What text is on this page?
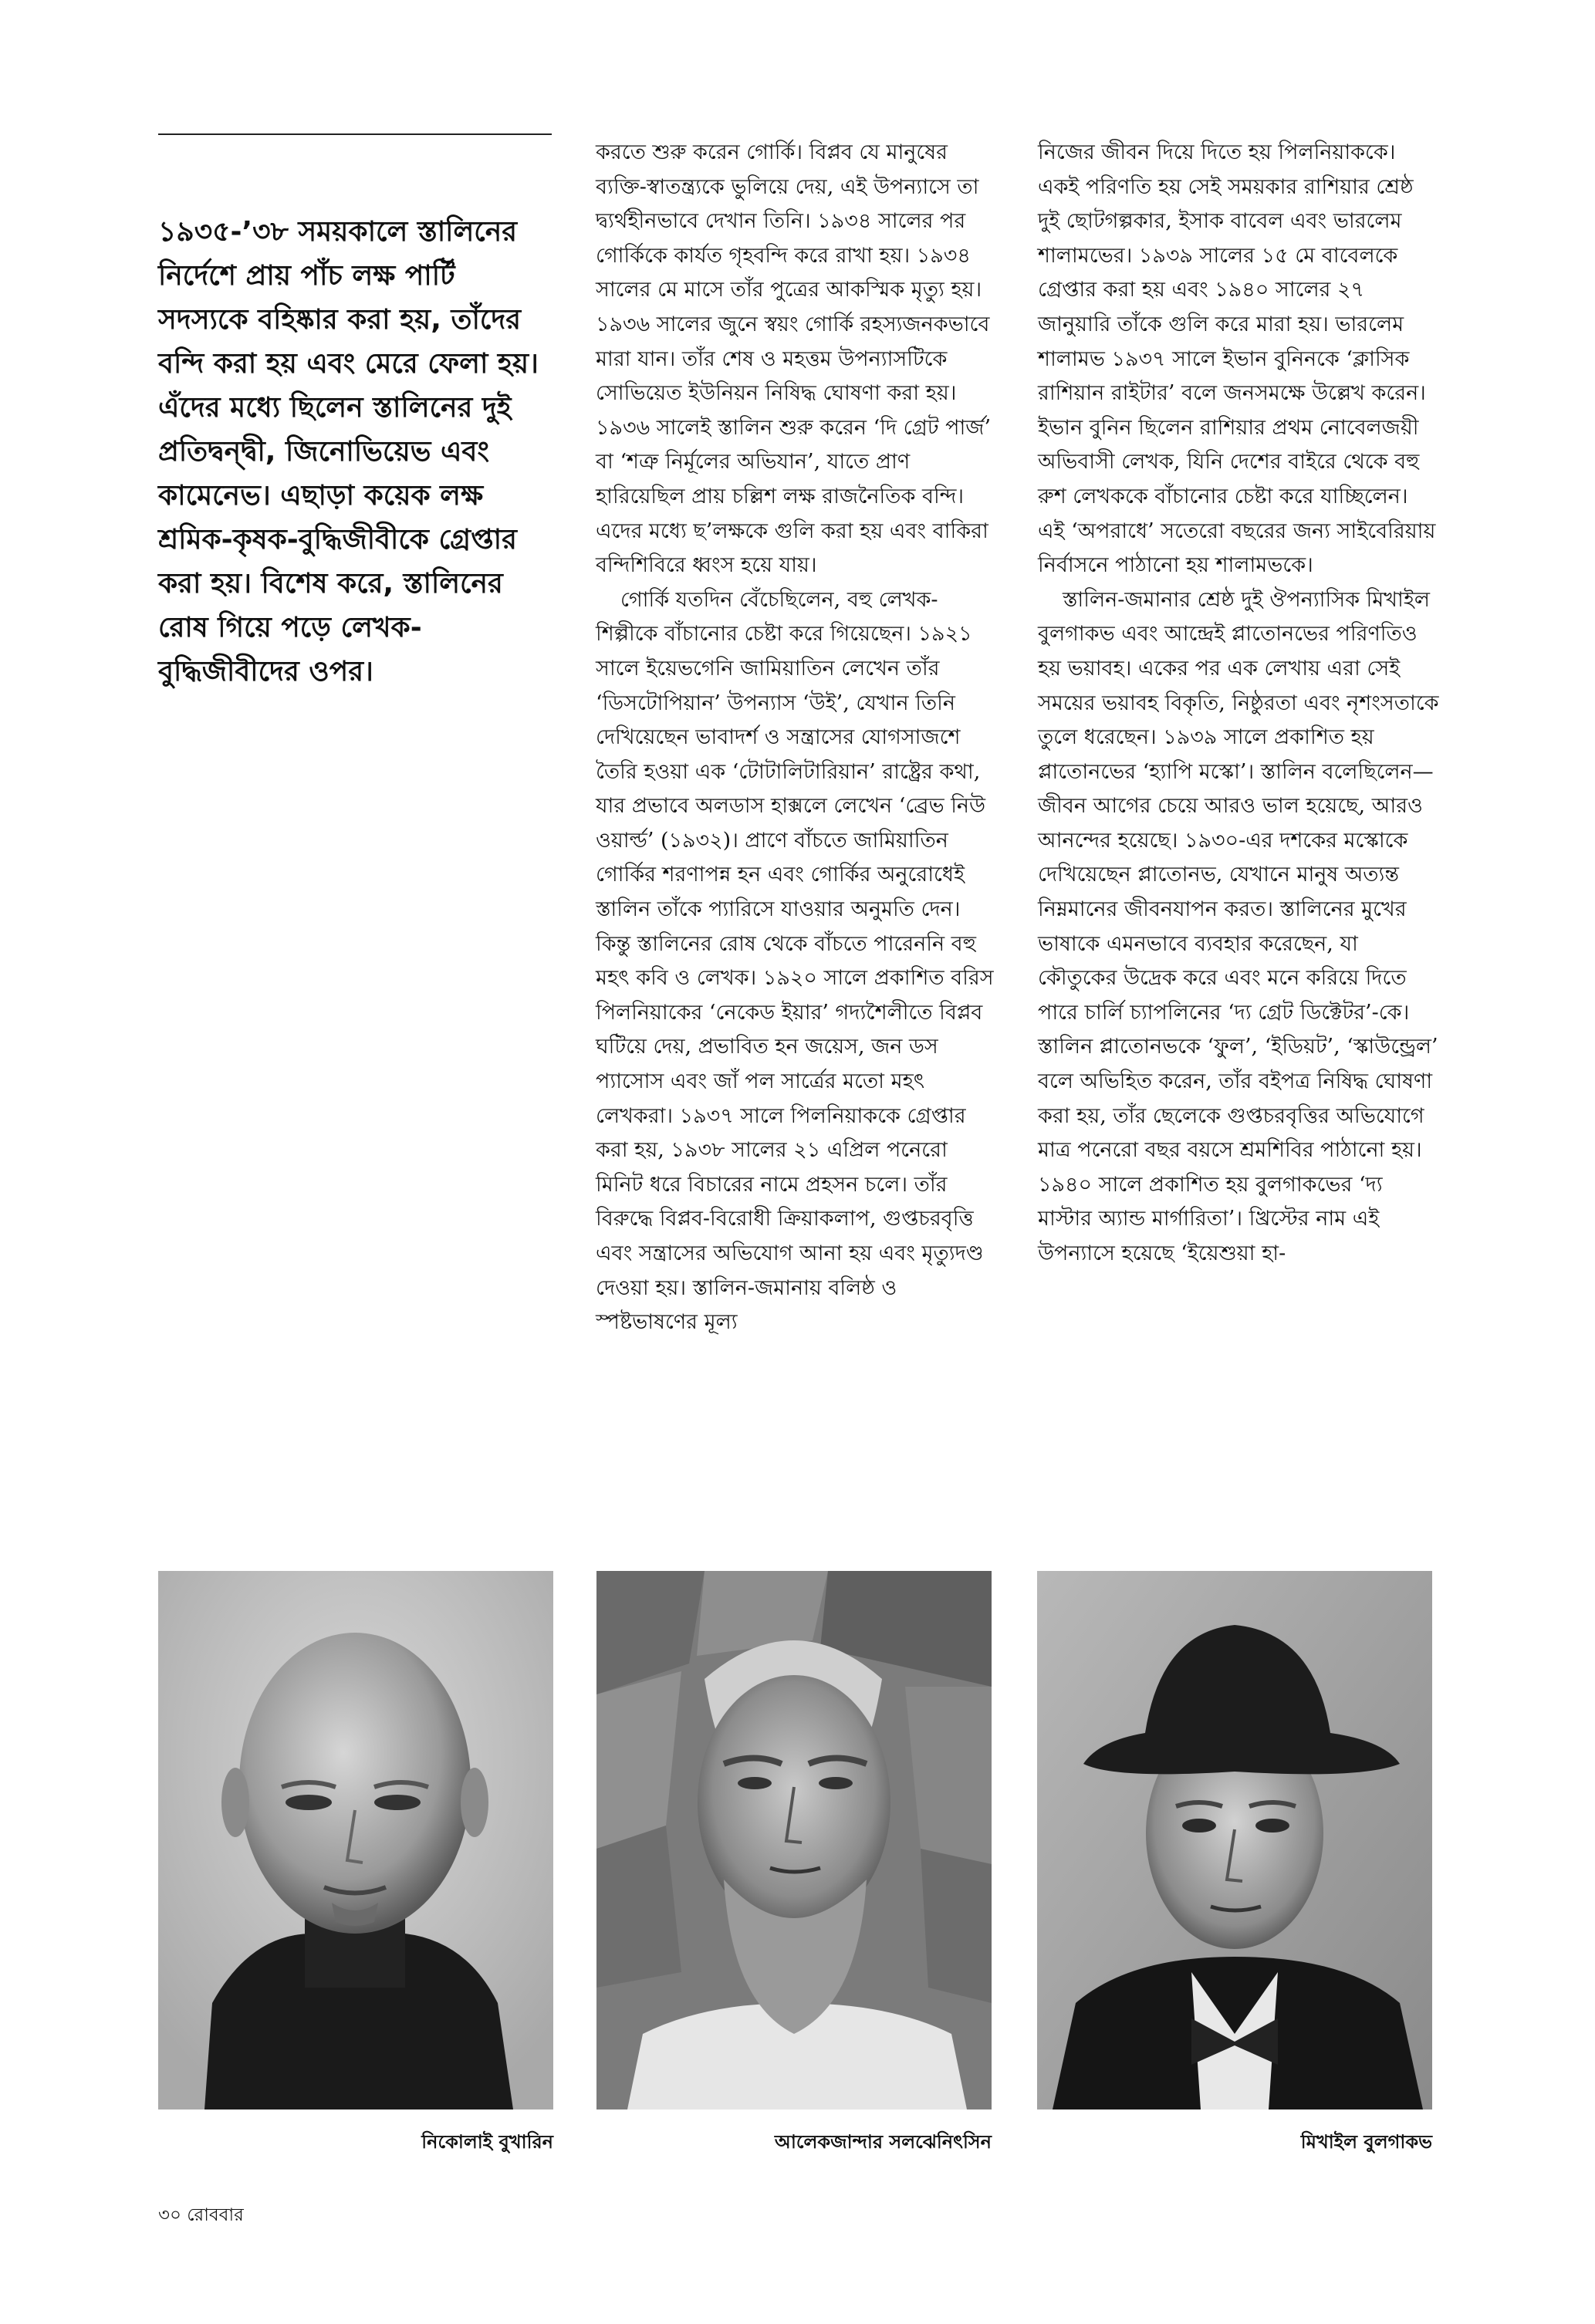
১৯৩৫-’৩৮ সময়কালে স্তালিনের নির্দেশে প্রায় পাঁচ লক্ষ পার্টি সদস্যকে বহিষ্কার করা হয়, তাঁদের বন্দি করা হয় এবং মেরে ফেলা হয়। এঁদের মধ্যে ছিলেন স্তালিনের দুই প্রতিদ্বন্দ্বী, জিনোভিয়েভ এবং কামেনেভ। এছাড়া কয়েক লক্ষ শ্রমিক-কৃষক-বুদ্ধিজীবীকে গ্রেপ্তার করা হয়। বিশেষ করে, স্তালিনের রোষ গিয়ে পড়ে লেখক-বুদ্ধিজীবীদের ওপর।

করতে শুরু করেন গোর্কি। বিপ্লব যে মানুষের ব্যক্তি-স্বাতন্ত্র্যকে ভুলিয়ে দেয়, এই উপন্যাসে তা দ্ব্যর্থহীনভাবে দেখান তিনি। ১৯৩৪ সালের পর গোর্কিকে কার্যত গৃহবন্দি করে রাখা হয়। ১৯৩৪ সালের মে মাসে তাঁর পুত্রের আকস্মিক মৃত্যু হয়। ১৯৩৬ সালের জুনে স্বয়ং গোর্কি রহস্যজনকভাবে মারা যান। তাঁর শেষ ও মহত্তম উপন্যাসটিকে সোভিয়েত ইউনিয়ন নিষিদ্ধ ঘোষণা করা হয়। ১৯৩৬ সালেই স্তালিন শুরু করেন ‘দি গ্রেট পার্জ’ বা ‘শত্রু নির্মূলের অভিযান’, যাতে প্রাণ হারিয়েছিল প্রায় চল্লিশ লক্ষ রাজনৈতিক বন্দি। এদের মধ্যে ছ’লক্ষকে গুলি করা হয় এবং বাকিরা বন্দিশিবিরে ধ্বংস হয়ে যায়।

গোর্কি যতদিন বেঁচেছিলেন, বহু লেখক-শিল্পীকে বাঁচানোর চেষ্টা করে গিয়েছেন। ১৯২১ সালে ইয়েভগেনি জামিয়াতিন লেখেন তাঁর ‘ডিসটোপিয়ান’ উপন্যাস ‘উই’, যেখান তিনি দেখিয়েছেন ভাবাদর্শ ও সন্ত্রাসের যোগসাজশে তৈরি হওয়া এক ‘টোটালিটারিয়ান’ রাষ্ট্রের কথা, যার প্রভাবে অলডাস হাক্সলে লেখেন ‘ব্রেভ নিউ ওয়ার্ল্ড’ (১৯৩২)। প্রাণে বাঁচতে জামিয়াতিন গোর্কির শরণাপন্ন হন এবং গোর্কির অনুরোধেই স্তালিন তাঁকে প্যারিসে যাওয়ার অনুমতি দেন। কিন্তু স্তালিনের রোষ থেকে বাঁচতে পারেননি বহু মহৎ কবি ও লেখক। ১৯২০ সালে প্রকাশিত বরিস পিলনিয়াকের ‘নেকেড ইয়ার’ গদ্যশৈলীতে বিপ্লব ঘটিয়ে দেয়, প্রভাবিত হন জয়েস, জন ডস প্যাসোস এবং জাঁ পল সার্ত্রের মতো মহৎ লেখকরা। ১৯৩৭ সালে পিলনিয়াককে গ্রেপ্তার করা হয়, ১৯৩৮ সালের ২১ এপ্রিল পনেরো মিনিট ধরে বিচারের নামে প্রহসন চলে। তাঁর বিরুদ্ধে বিপ্লব-বিরোধী ক্রিয়াকলাপ, গুপ্তচরবৃত্তি এবং সন্ত্রাসের অভিযোগ আনা হয় এবং মৃত্যুদণ্ড দেওয়া হয়। স্তালিন-জমানায় বলিষ্ঠ ও স্পষ্টভাষণের মূল্য

নিজের জীবন দিয়ে দিতে হয় পিলনিয়াককে। একই পরিণতি হয় সেই সময়কার রাশিয়ার শ্রেষ্ঠ দুই ছোটগল্পকার, ইসাক বাবেল এবং ভারলেম শালামভের। ১৯৩৯ সালের ১৫ মে বাবেলকে গ্রেপ্তার করা হয় এবং ১৯৪০ সালের ২৭ জানুয়ারি তাঁকে গুলি করে মারা হয়। ভারলেম শালামভ ১৯৩৭ সালে ইভান বুনিনকে ‘ক্লাসিক রাশিয়ান রাইটার’ বলে জনসমক্ষে উল্লেখ করেন। ইভান বুনিন ছিলেন রাশিয়ার প্রথম নোবেলজয়ী অভিবাসী লেখক, যিনি দেশের বাইরে থেকে বহু রুশ লেখককে বাঁচানোর চেষ্টা করে যাচ্ছিলেন। এই ‘অপরাধে’ সতেরো বছরের জন্য সাইবেরিয়ায় নির্বাসনে পাঠানো হয় শালামভকে।

স্তালিন-জমানার শ্রেষ্ঠ দুই ঔপন্যাসিক মিখাইল বুলগাকভ এবং আন্দ্রেই প্লাতোনভের পরিণতিও হয় ভয়াবহ। একের পর এক লেখায় এরা সেই সময়ের ভয়াবহ বিকৃতি, নিষ্ঠুরতা এবং নৃশংসতাকে তুলে ধরেছেন। ১৯৩৯ সালে প্রকাশিত হয় প্লাতোনভের ‘হ্যাপি মস্কো’। স্তালিন বলেছিলেন— জীবন আগের চেয়ে আরও ভাল হয়েছে, আরও আনন্দের হয়েছে। ১৯৩০-এর দশকের মস্কোকে দেখিয়েছেন প্লাতোনভ, যেখানে মানুষ অত্যন্ত নিম্নমানের জীবনযাপন করত। স্তালিনের মুখের ভাষাকে এমনভাবে ব্যবহার করেছেন, যা কৌতুকের উদ্রেক করে এবং মনে করিয়ে দিতে পারে চার্লি চ্যাপলিনের ‘দ্য গ্রেট ডিক্টেটর’-কে। স্তালিন প্লাতোনভকে ‘ফুল’, ‘ইডিয়ট’, ‘স্কাউন্ড্রেল’ বলে অভিহিত করেন, তাঁর বইপত্র নিষিদ্ধ ঘোষণা করা হয়, তাঁর ছেলেকে গুপ্তচরবৃত্তির অভিযোগে মাত্র পনেরো বছর বয়সে শ্রমশিবির পাঠানো হয়। ১৯৪০ সালে প্রকাশিত হয় বুলগাকভের ‘দ্য মাস্টার অ্যান্ড মার্গারিতা’। খ্রিস্টের নাম এই উপন্যাসে হয়েছে ‘ইয়েশুয়া হা-

নিকোলাই বুখারিন	আলেকজান্দার সলঝেনিৎসিন	মিখাইল বুলগাকভ
৩০ রোববার
